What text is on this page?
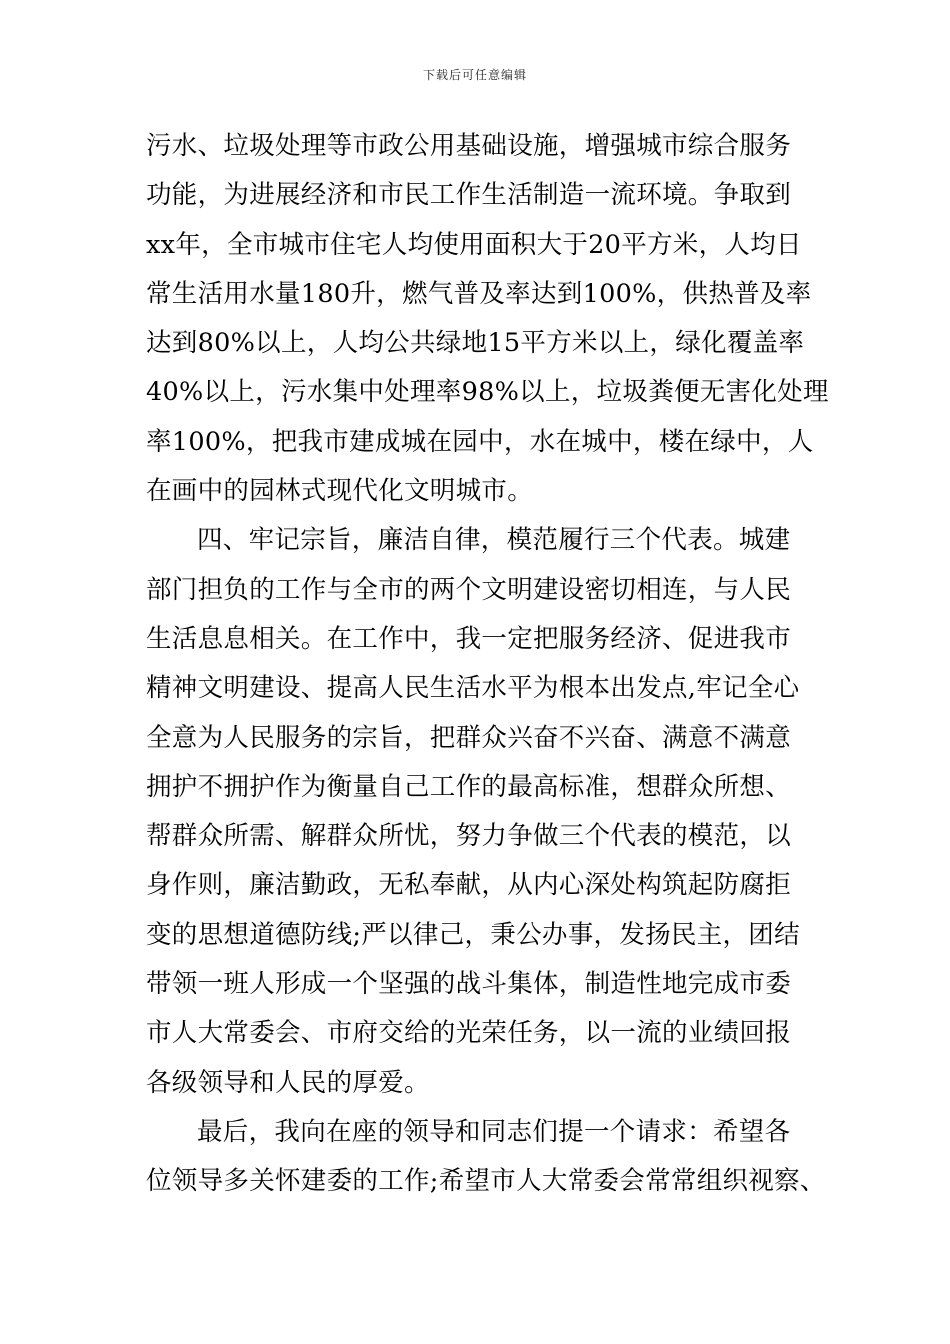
下载后可任意编辑
污水、垃圾处理等市政公用基础设施，增强城市综合服务
功能，为进展经济和市民工作生活制造一流环境。争取到
xx年，全市城市住宅人均使用面积大于20平方米，人均日
常生活用水量180升，燃气普及率达到100%，供热普及率
达到80%以上，人均公共绿地15平方米以上，绿化覆盖率
40%以上，污水集中处理率98%以上，垃圾粪便无害化处理
率100%，把我市建成城在园中，水在城中，楼在绿中，人
在画中的园林式现代化文明城市。
四、牢记宗旨，廉洁自律，模范履行三个代表。城建
部门担负的工作与全市的两个文明建设密切相连，与人民
生活息息相关。在工作中，我一定把服务经济、促进我市
精神文明建设、提高人民生活水平为根本出发点,牢记全心
全意为人民服务的宗旨，把群众兴奋不兴奋、满意不满意
拥护不拥护作为衡量自己工作的最高标准，想群众所想、
帮群众所需、解群众所忧，努力争做三个代表的模范，以
身作则，廉洁勤政，无私奉献，从内心深处构筑起防腐拒
变的思想道德防线;严以律己，秉公办事，发扬民主，团结
带领一班人形成一个坚强的战斗集体，制造性地完成市委
市人大常委会、市府交给的光荣任务，以一流的业绩回报
各级领导和人民的厚爱。
最后，我向在座的领导和同志们提一个请求：希望各
位领导多关怀建委的工作;希望市人大常委会常常组织视察、
